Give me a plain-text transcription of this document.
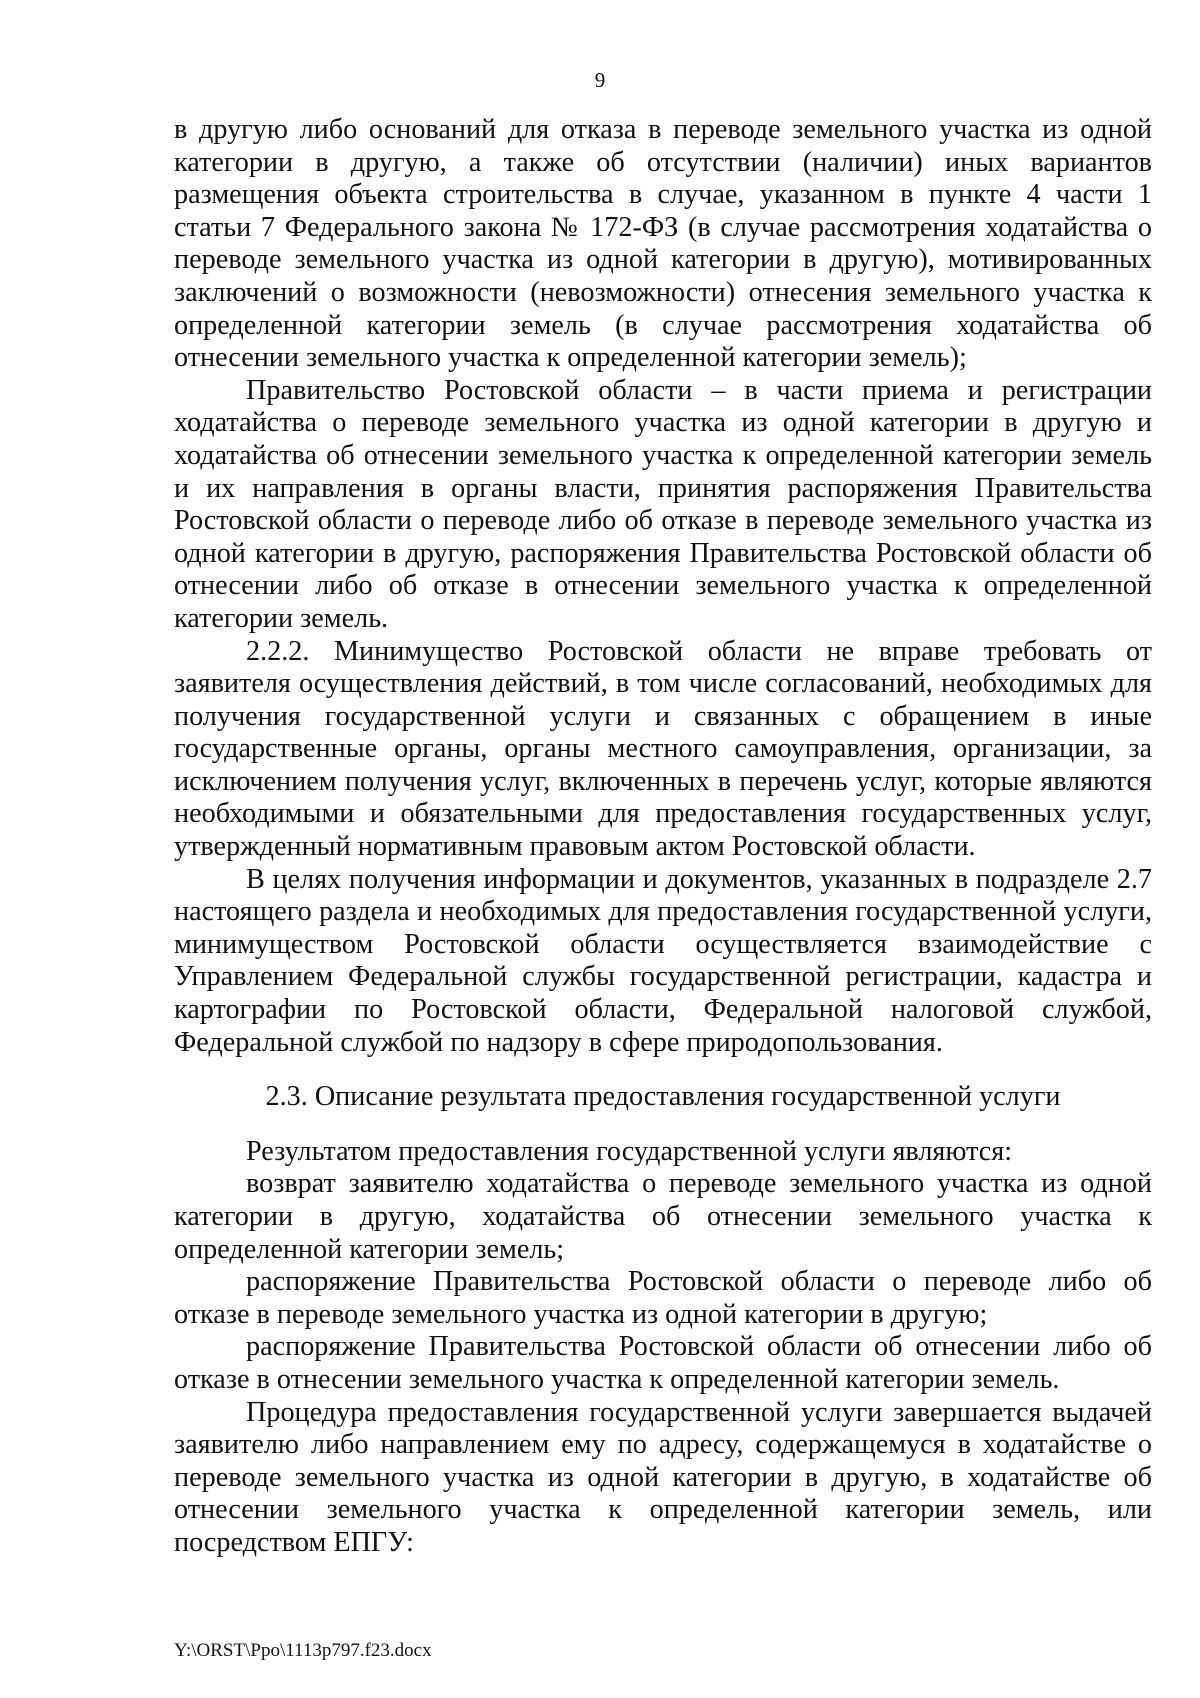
9

в другую либо оснований для отказа в переводе земельного участка из одной категории в другую, а также об отсутствии (наличии) иных вариантов размещения объекта строительства в случае, указанном в пункте 4 части 1 статьи 7 Федерального закона № 172-ФЗ (в случае рассмотрения ходатайства о переводе земельного участка из одной категории в другую), мотивированных заключений о возможности (невозможности) отнесения земельного участка к определенной категории земель (в случае рассмотрения ходатайства об отнесении земельного участка к определенной категории земель);

Правительство Ростовской области – в части приема и регистрации ходатайства о переводе земельного участка из одной категории в другую и ходатайства об отнесении земельного участка к определенной категории земель и их направления в органы власти, принятия распоряжения Правительства Ростовской области о переводе либо об отказе в переводе земельного участка из одной категории в другую, распоряжения Правительства Ростовской области об отнесении либо об отказе в отнесении земельного участка к определенной категории земель.

2.2.2. Минимущество Ростовской области не вправе требовать от заявителя осуществления действий, в том числе согласований, необходимых для получения государственной услуги и связанных с обращением в иные государственные органы, органы местного самоуправления, организации, за исключением получения услуг, включенных в перечень услуг, которые являются необходимыми и обязательными для предоставления государственных услуг, утвержденный нормативным правовым актом Ростовской области.

В целях получения информации и документов, указанных в подразделе 2.7 настоящего раздела и необходимых для предоставления государственной услуги, минимуществом Ростовской области осуществляется взаимодействие с Управлением Федеральной службы государственной регистрации, кадастра и картографии по Ростовской области, Федеральной налоговой службой, Федеральной службой по надзору в сфере природопользования.

2.3. Описание результата предоставления государственной услуги

Результатом предоставления государственной услуги являются:

возврат заявителю ходатайства о переводе земельного участка из одной категории в другую, ходатайства об отнесении земельного участка к определенной категории земель;

распоряжение Правительства Ростовской области о переводе либо об отказе в переводе земельного участка из одной категории в другую;

распоряжение Правительства Ростовской области об отнесении либо об отказе в отнесении земельного участка к определенной категории земель.

Процедура предоставления государственной услуги завершается выдачей заявителю либо направлением ему по адресу, содержащемуся в ходатайстве о переводе земельного участка из одной категории в другую, в ходатайстве об отнесении земельного участка к определенной категории земель, или посредством ЕПГУ:

Y:\ORST\Ppo\1113p797.f23.docx
